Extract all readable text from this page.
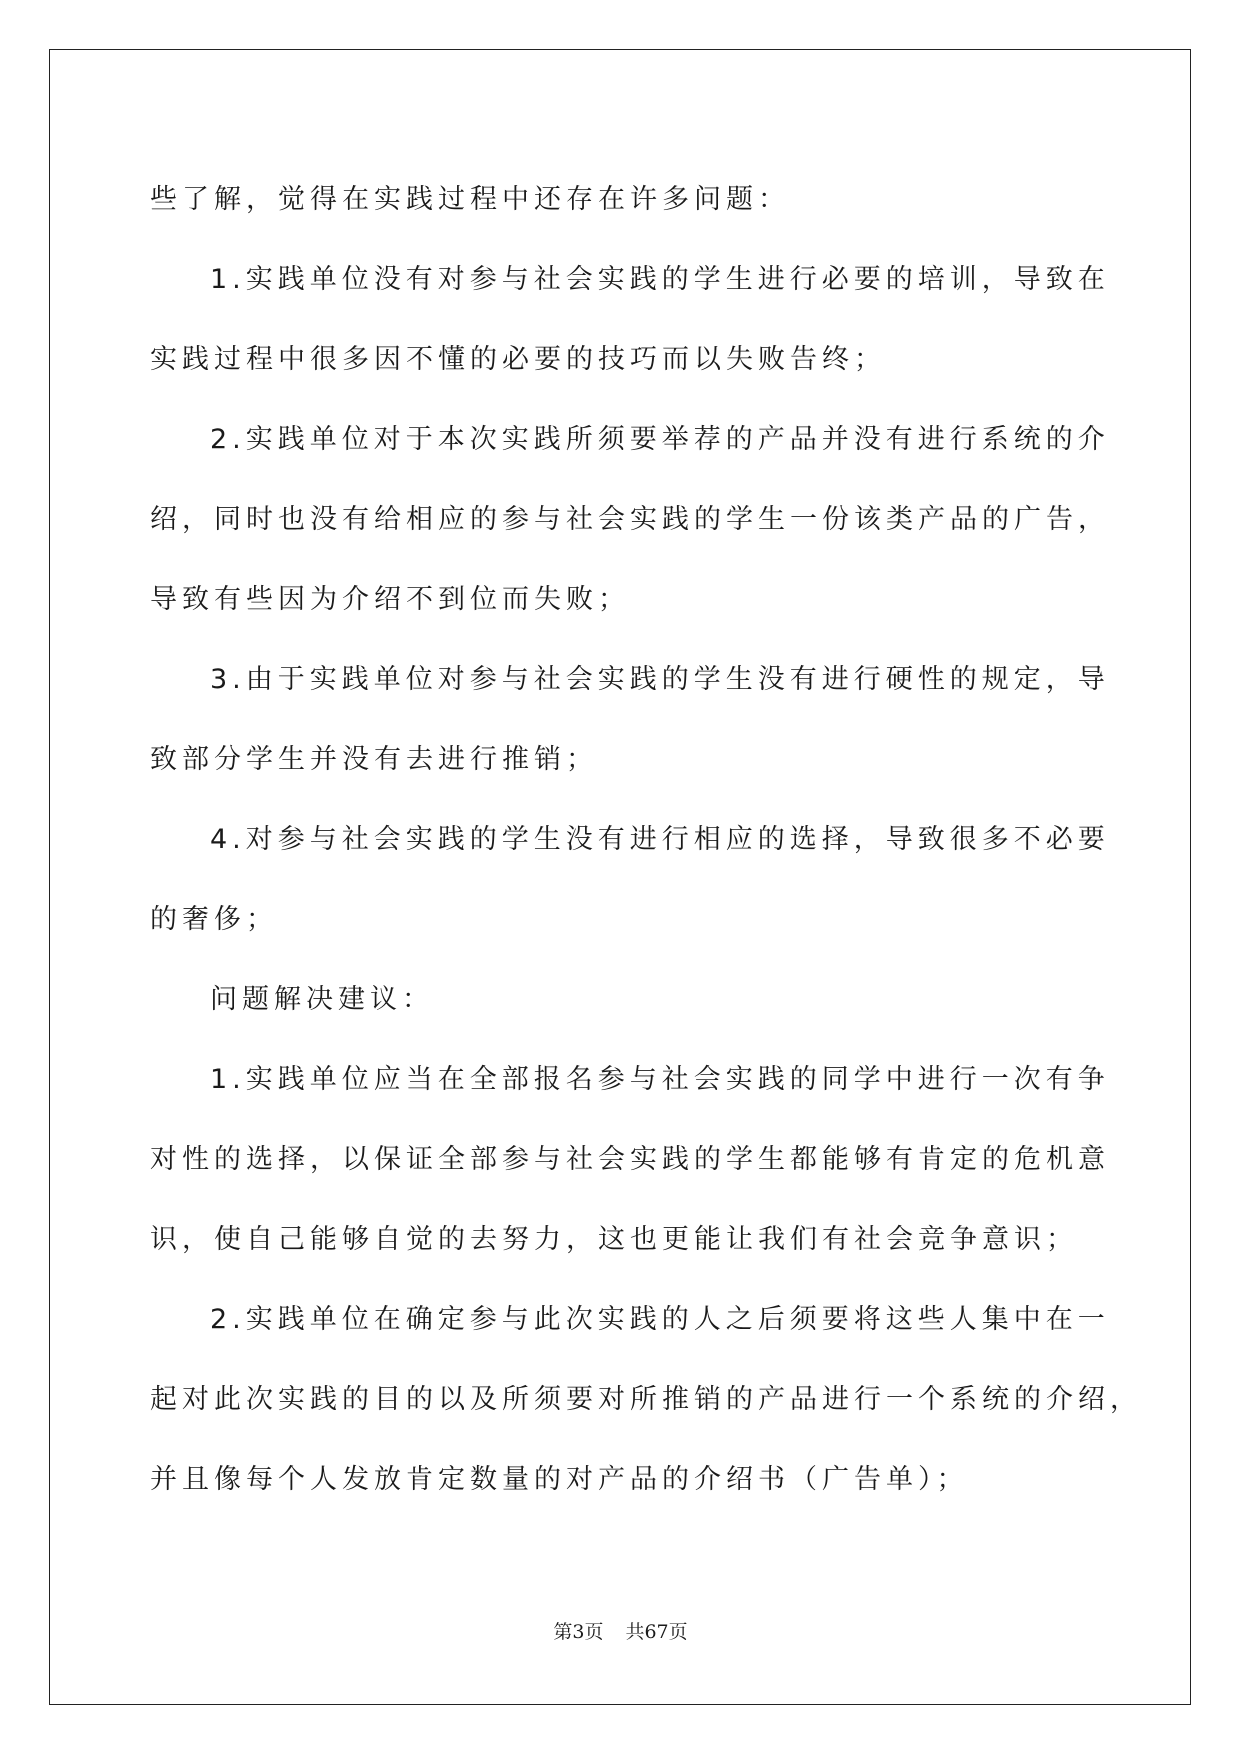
些了解，觉得在实践过程中还存在许多问题：
1.实践单位没有对参与社会实践的学生进行必要的培训，导致在
实践过程中很多因不懂的必要的技巧而以失败告终；
2.实践单位对于本次实践所须要举荐的产品并没有进行系统的介
绍，同时也没有给相应的参与社会实践的学生一份该类产品的广告，
导致有些因为介绍不到位而失败；
3.由于实践单位对参与社会实践的学生没有进行硬性的规定，导
致部分学生并没有去进行推销；
4.对参与社会实践的学生没有进行相应的选择，导致很多不必要
的奢侈；
问题解决建议：
1.实践单位应当在全部报名参与社会实践的同学中进行一次有争
对性的选择，以保证全部参与社会实践的学生都能够有肯定的危机意
识，使自己能够自觉的去努力，这也更能让我们有社会竞争意识；
2.实践单位在确定参与此次实践的人之后须要将这些人集中在一
起对此次实践的目的以及所须要对所推销的产品进行一个系统的介绍，
并且像每个人发放肯定数量的对产品的介绍书（广告单）；
第3页 共67页
